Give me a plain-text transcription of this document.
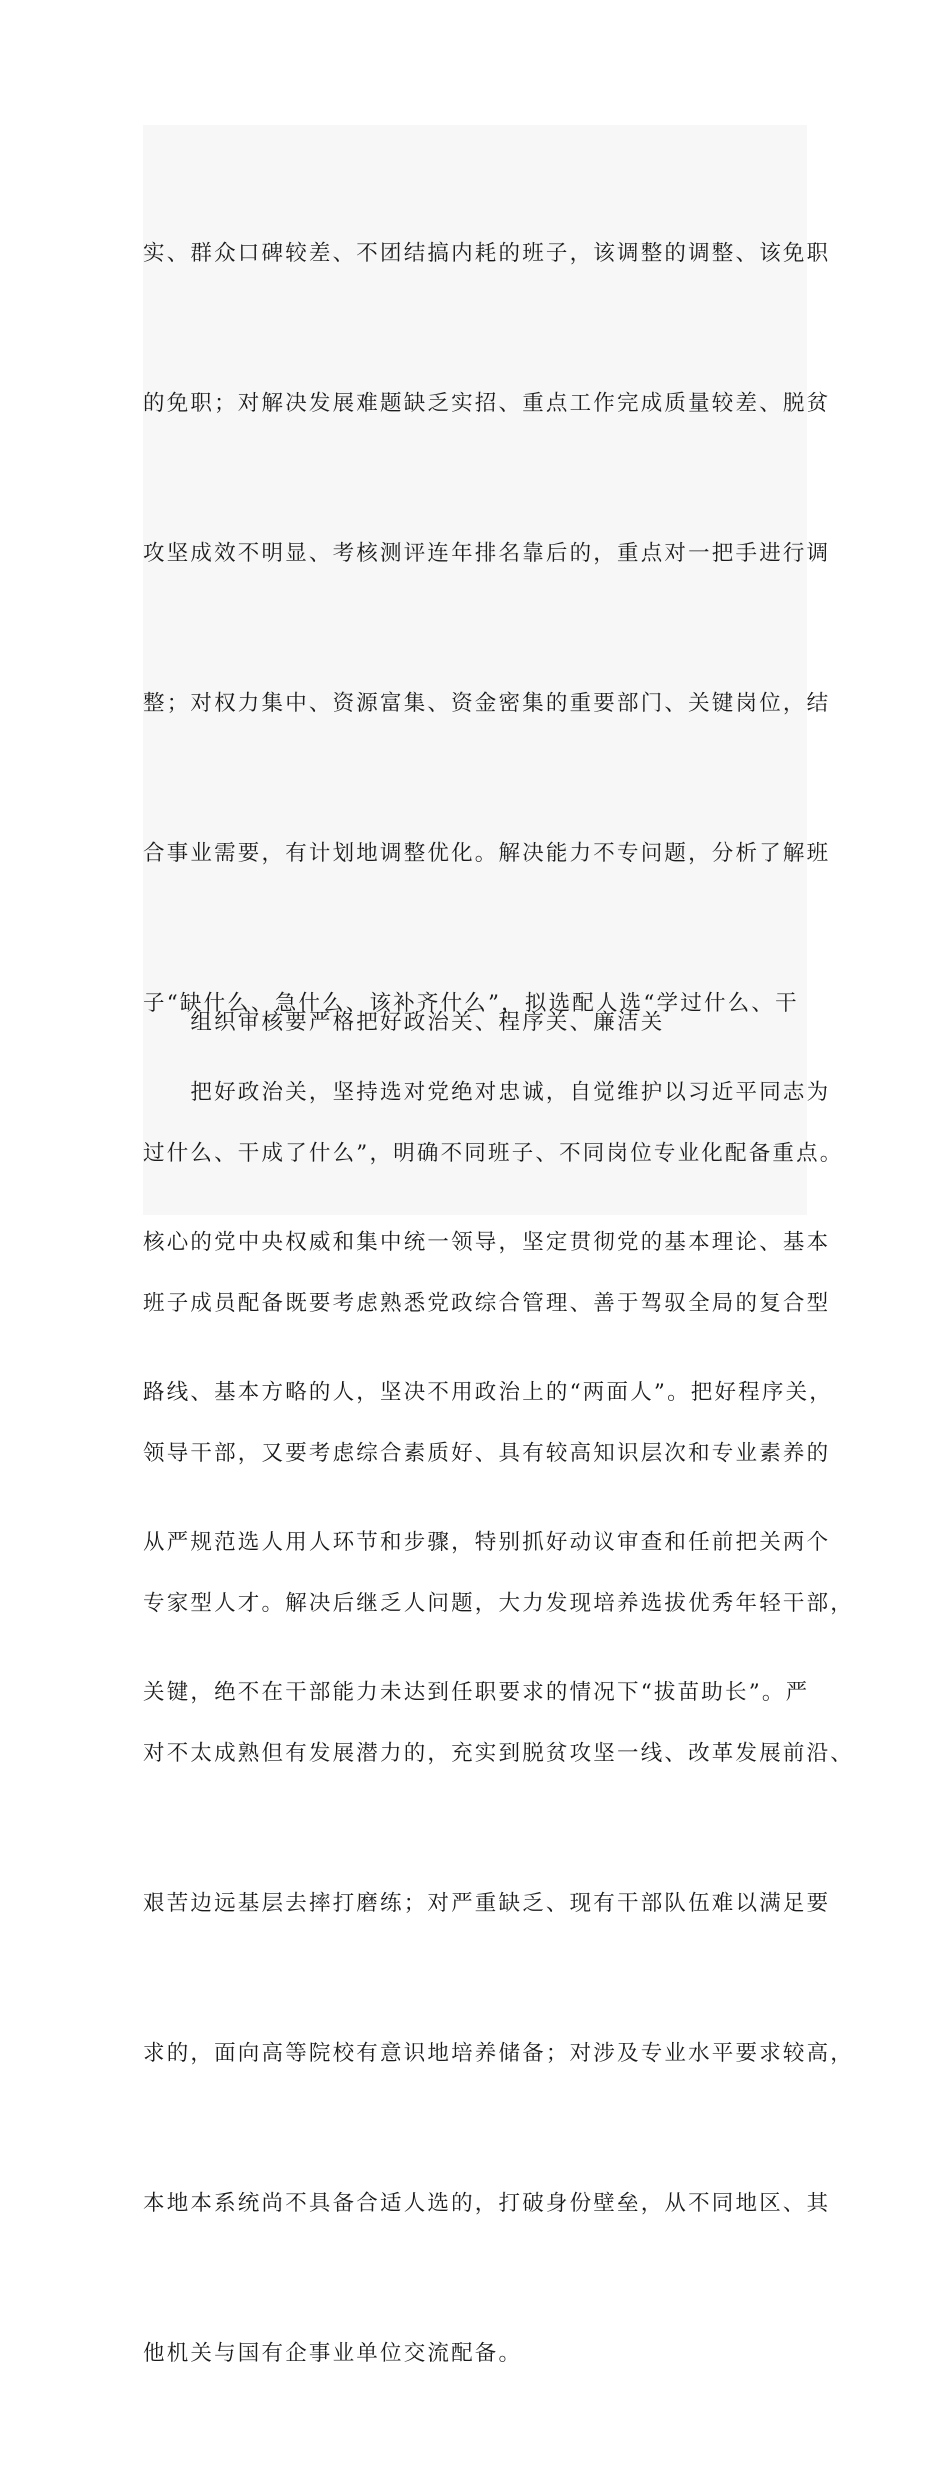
实、群众口碑较差、不团结搞内耗的班子，该调整的调整、该免职

的免职；对解决发展难题缺乏实招、重点工作完成质量较差、脱贫

攻坚成效不明显、考核测评连年排名靠后的，重点对一把手进行调

整；对权力集中、资源富集、资金密集的重要部门、关键岗位，结

合事业需要，有计划地调整优化。解决能力不专问题，分析了解班

子“缺什么、急什么、该补齐什么”，拟选配人选“学过什么、干

过什么、干成了什么”，明确不同班子、不同岗位专业化配备重点。

班子成员配备既要考虑熟悉党政综合管理、善于驾驭全局的复合型

领导干部，又要考虑综合素质好、具有较高知识层次和专业素养的

专家型人才。解决后继乏人问题，大力发现培养选拔优秀年轻干部，

对不太成熟但有发展潜力的，充实到脱贫攻坚一线、改革发展前沿、

艰苦边远基层去摔打磨练；对严重缺乏、现有干部队伍难以满足要

求的，面向高等院校有意识地培养储备；对涉及专业水平要求较高，

本地本系统尚不具备合适人选的，打破身份壁垒，从不同地区、其

他机关与国有企事业单位交流配备。

　　组织审核要严格把好政治关、程序关、廉洁关

　　把好政治关，坚持选对党绝对忠诚，自觉维护以习近平同志为

核心的党中央权威和集中统一领导，坚定贯彻党的基本理论、基本

路线、基本方略的人，坚决不用政治上的“两面人”。把好程序关，

从严规范选人用人环节和步骤，特别抓好动议审查和任前把关两个

关键，绝不在干部能力未达到任职要求的情况下“拔苗助长”。严
